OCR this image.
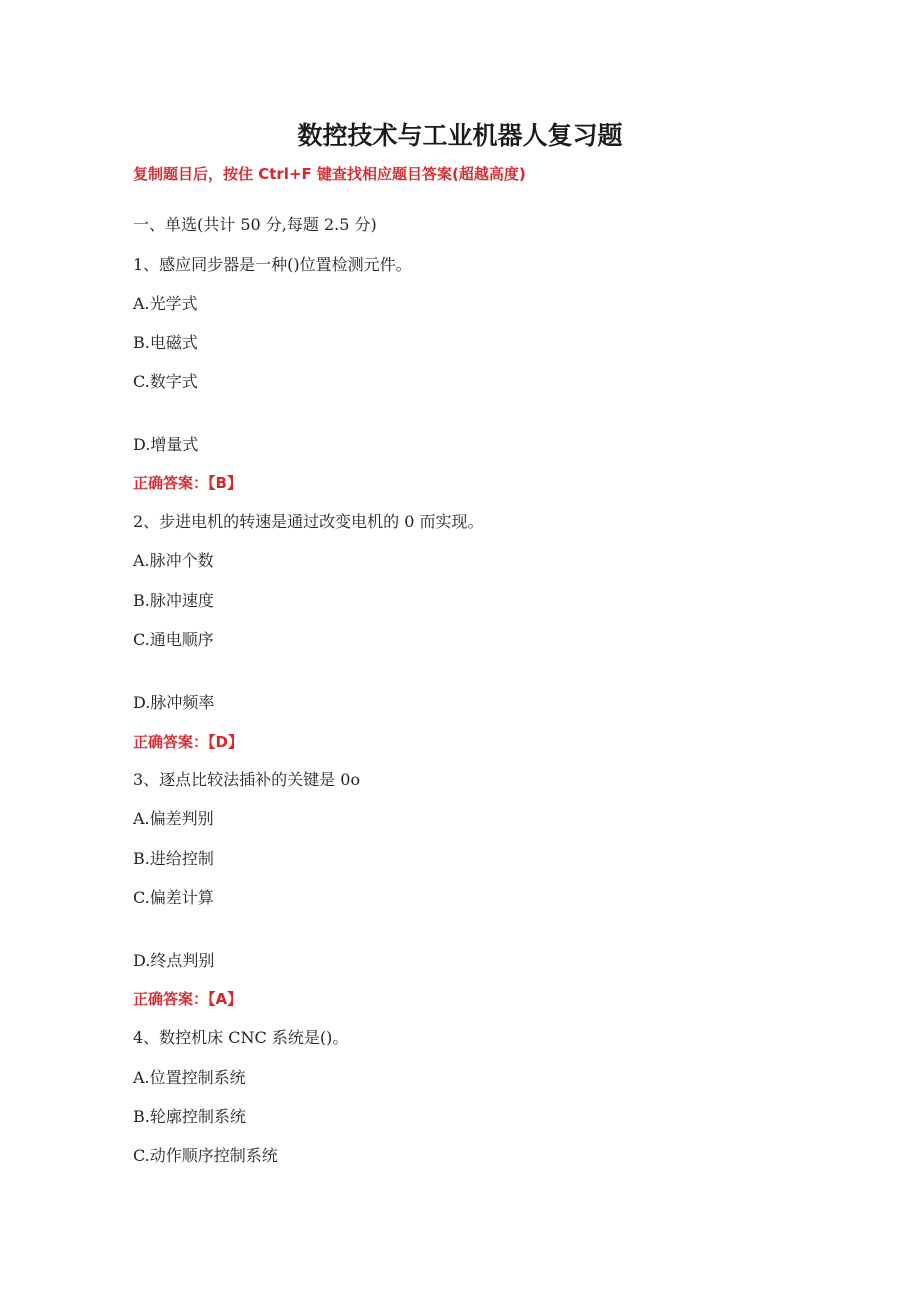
数控技术与工业机器人复习题
复制题目后，按住 Ctrl+F 键查找相应题目答案(超越高度)
一、单选(共计 50 分,每题 2.5 分)
1、感应同步器是一种()位置检测元件。
A.光学式
B.电磁式
C.数字式
D.增量式
正确答案：【B】
2、步进电机的转速是通过改变电机的 0 而实现。
A.脉冲个数
B.脉冲速度
C.通电顺序
D.脉冲频率
正确答案：【D】
3、逐点比较法插补的关键是 0o
A.偏差判别
B.进给控制
C.偏差计算
D.终点判别
正确答案：【A】
4、数控机床 CNC 系统是()。
A.位置控制系统
B.轮廓控制系统
C.动作顺序控制系统
